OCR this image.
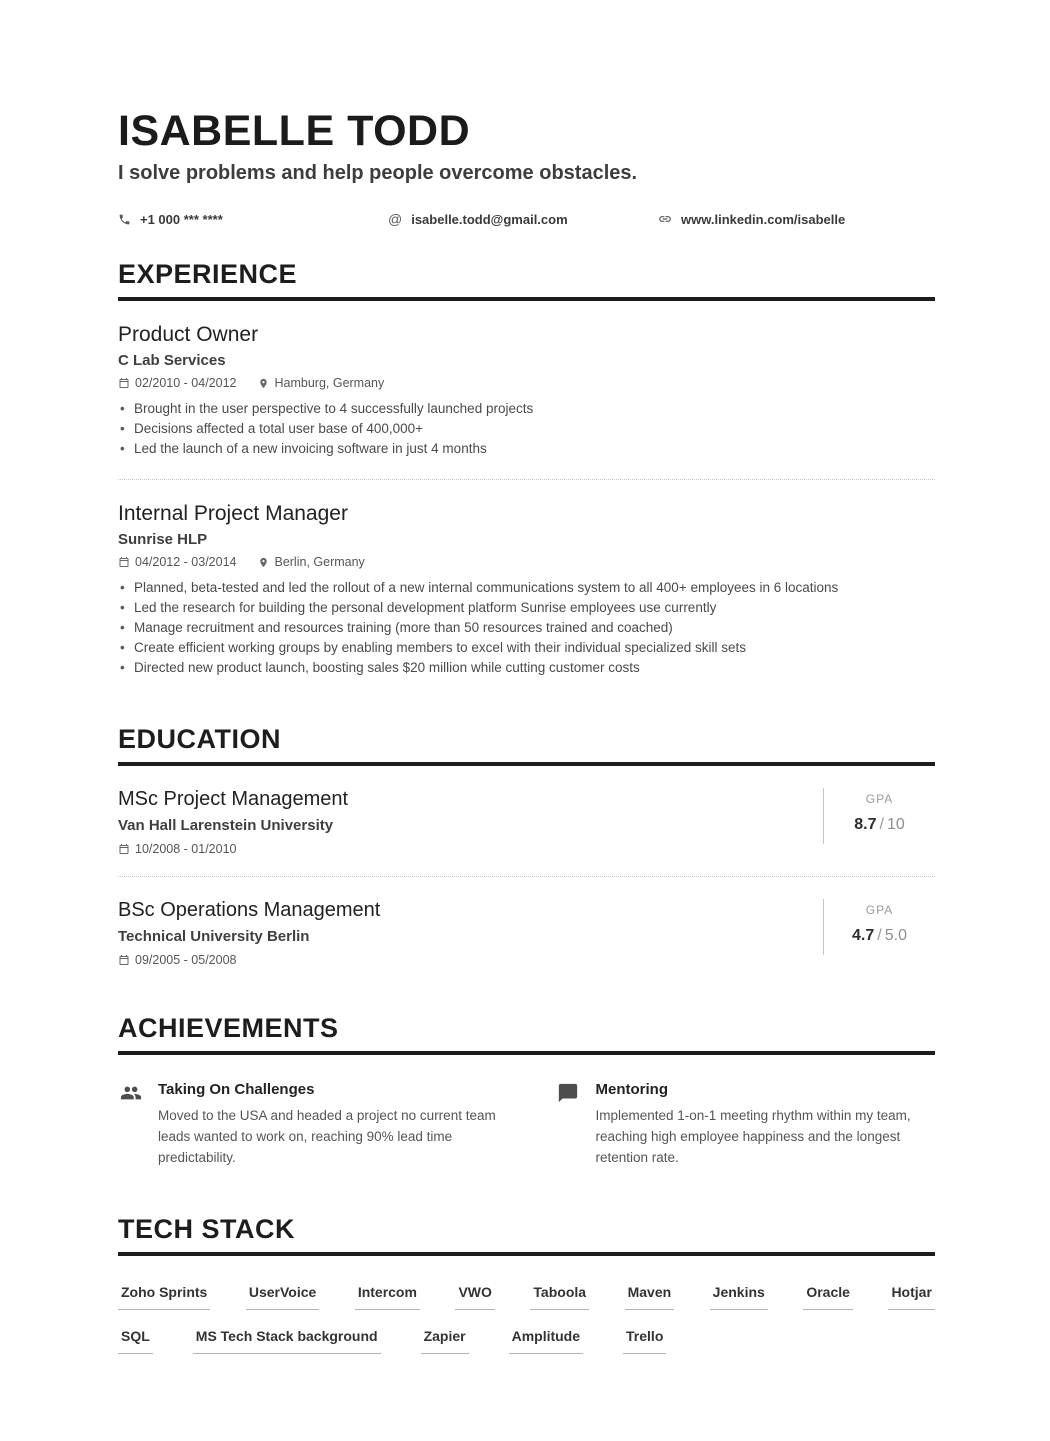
ISABELLE TODD

I solve problems and help people overcome obstacles.

+1 000 *** ****	@ isabelle.todd@gmail.com	www.linkedin.com/isabelle
EXPERIENCE
Product Owner
C Lab Services
02/2010 - 04/2012	Hamburg, Germany
• Brought in the user perspective to 4 successfully launched projects
• Decisions affected a total user base of 400,000+
• Led the launch of a new invoicing software in just 4 months
Internal Project Manager
Sunrise HLP
04/2012 - 03/2014	Berlin, Germany
• Planned, beta-tested and led the rollout of a new internal communications system to all 400+ employees in 6 locations
• Led the research for building the personal development platform Sunrise employees use currently
• Manage recruitment and resources training (more than 50 resources trained and coached)
• Create efficient working groups by enabling members to excel with their individual specialized skill sets
• Directed new product launch, boosting sales $20 million while cutting customer costs
EDUCATION
MSc Project Management
Van Hall Larenstein University
10/2008 - 01/2010
GPA
8.7 / 10
BSc Operations Management
Technical University Berlin
09/2005 - 05/2008
GPA
4.7 / 5.0
ACHIEVEMENTS
Taking On Challenges
Moved to the USA and headed a project no current team leads wanted to work on, reaching 90% lead time predictability.
Mentoring
Implemented 1-on-1 meeting rhythm within my team, reaching high employee happiness and the longest retention rate.
TECH STACK
Zoho Sprints	UserVoice	Intercom	VWO	Taboola	Maven	Jenkins	Oracle	Hotjar
SQL	MS Tech Stack background	Zapier	Amplitude	Trello
